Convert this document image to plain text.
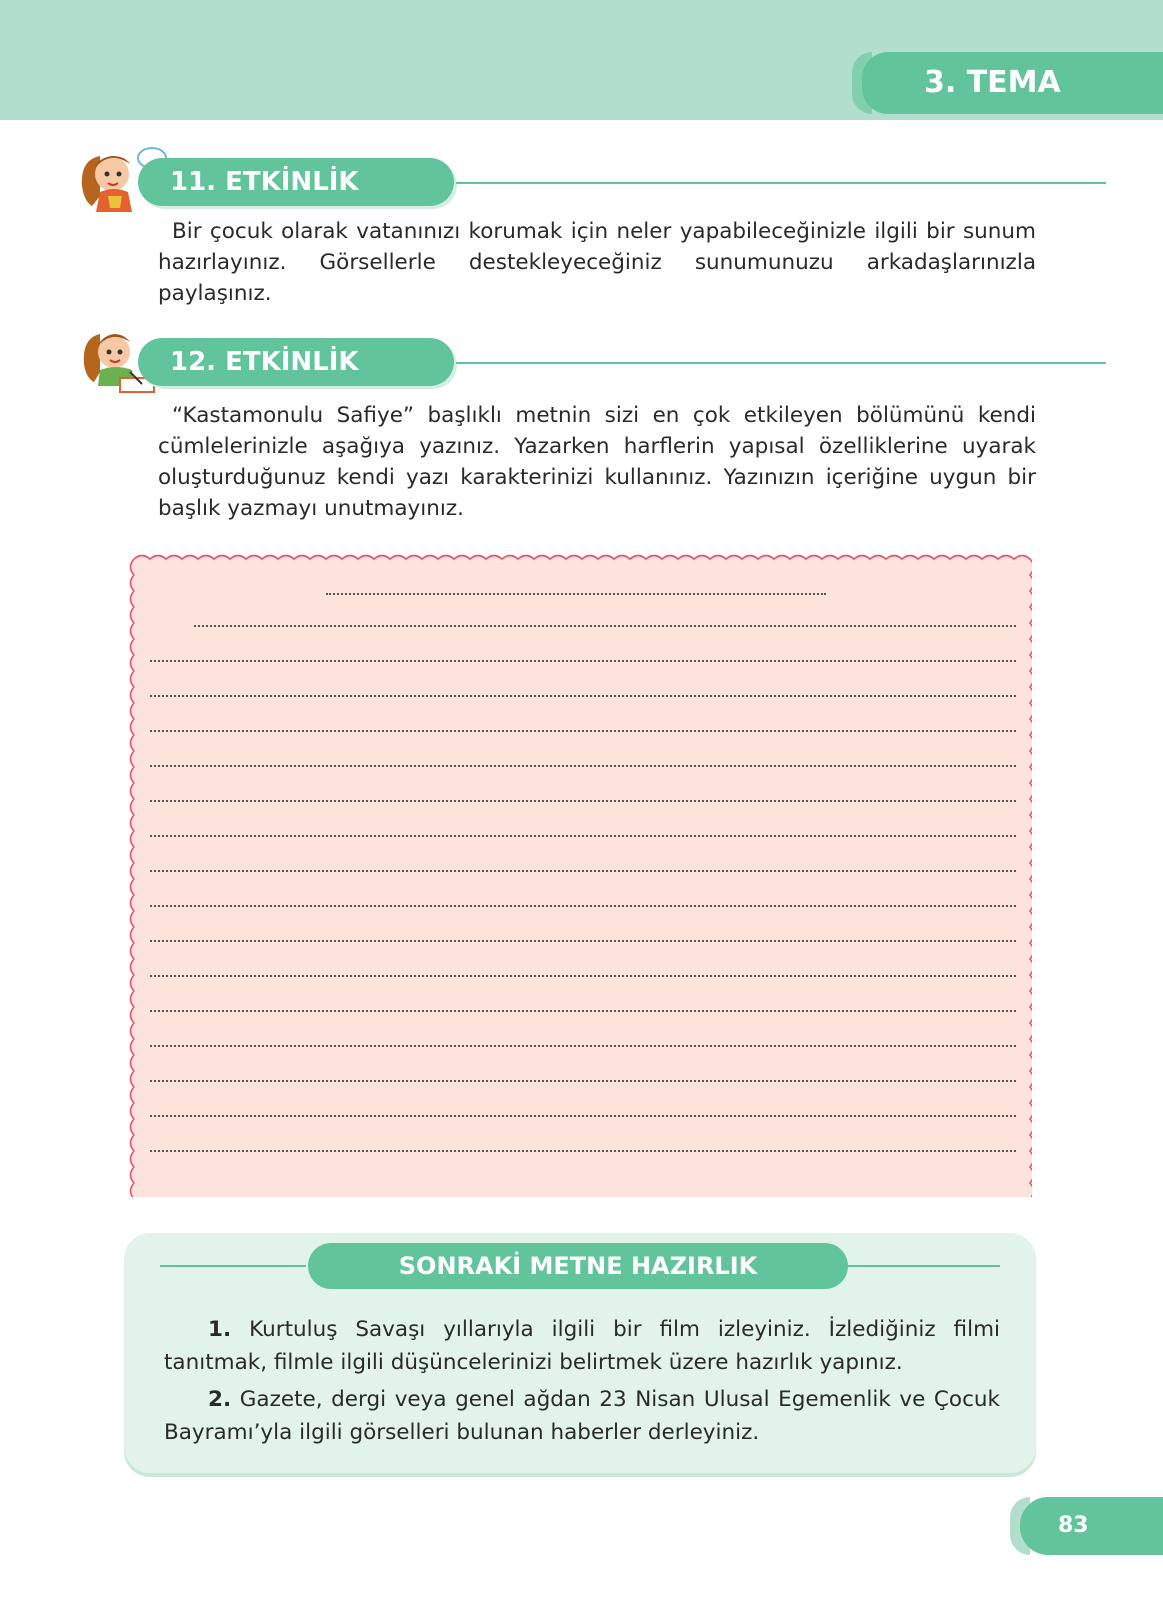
3. TEMA
11. ETKİNLİK

Bir çocuk olarak vatanınızı korumak için neler yapabileceğinizle ilgili bir sunum hazırlayınız. Görsellerle destekleyeceğiniz sunumunuzu arkadaşlarınızla paylaşınız.

12. ETKİNLİK

“Kastamonulu Safiye” başlıklı metnin sizi en çok etkileyen bölümünü kendi cümlelerinizle aşağıya yazınız. Yazarken harflerin yapısal özelliklerine uyarak oluşturduğunuz kendi yazı karakterinizi kullanınız. Yazınızın içeriğine uygun bir başlık yazmayı unutmayınız.

SONRAKİ METNE HAZIRLIK

1. Kurtuluş Savaşı yıllarıyla ilgili bir film izleyiniz. İzlediğiniz filmi tanıtmak, filmle ilgili düşüncelerinizi belirtmek üzere hazırlık yapınız.

2. Gazete, dergi veya genel ağdan 23 Nisan Ulusal Egemenlik ve Çocuk Bayramı’yla ilgili görselleri bulunan haberler derleyiniz.

83
